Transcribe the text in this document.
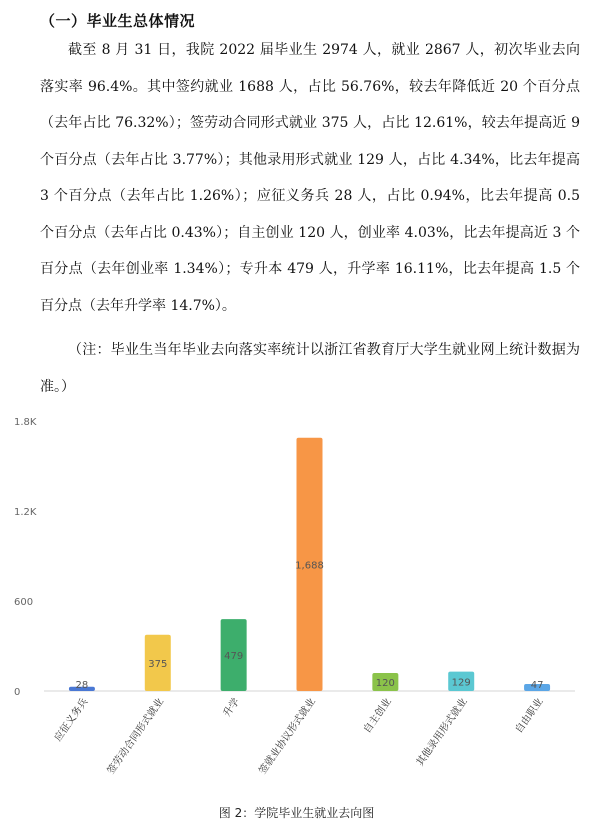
（一）毕业生总体情况

截至 8 月 31 日，我院 2022 届毕业生 2974 人，就业 2867 人，初次毕业去向落实率 96.4%。其中签约就业 1688 人，占比 56.76%，较去年降低近 20 个百分点（去年占比 76.32%）；签劳动合同形式就业 375 人，占比 12.61%，较去年提高近 9 个百分点（去年占比 3.77%）；其他录用形式就业 129 人，占比 4.34%，比去年提高 3 个百分点（去年占比 1.26%）；应征义务兵 28 人，占比 0.94%，比去年提高 0.5 个百分点（去年占比 0.43%）；自主创业 120 人，创业率 4.03%，比去年提高近 3 个百分点（去年创业率 1.34%）；专升本 479 人，升学率 16.11%，比去年提高 1.5 个百分点（去年升学率 14.7%）。

（注：毕业生当年毕业去向落实率统计以浙江省教育厅大学生就业网上统计数据为准。）

0
600
1.2K
1.8K
28
应征义务兵
375
签劳动合同形式就业
479
升学
1,688
签就业协议形式就业
120
自主创业
129
其他录用形式就业
47
自由职业
图 2：学院毕业生就业去向图
